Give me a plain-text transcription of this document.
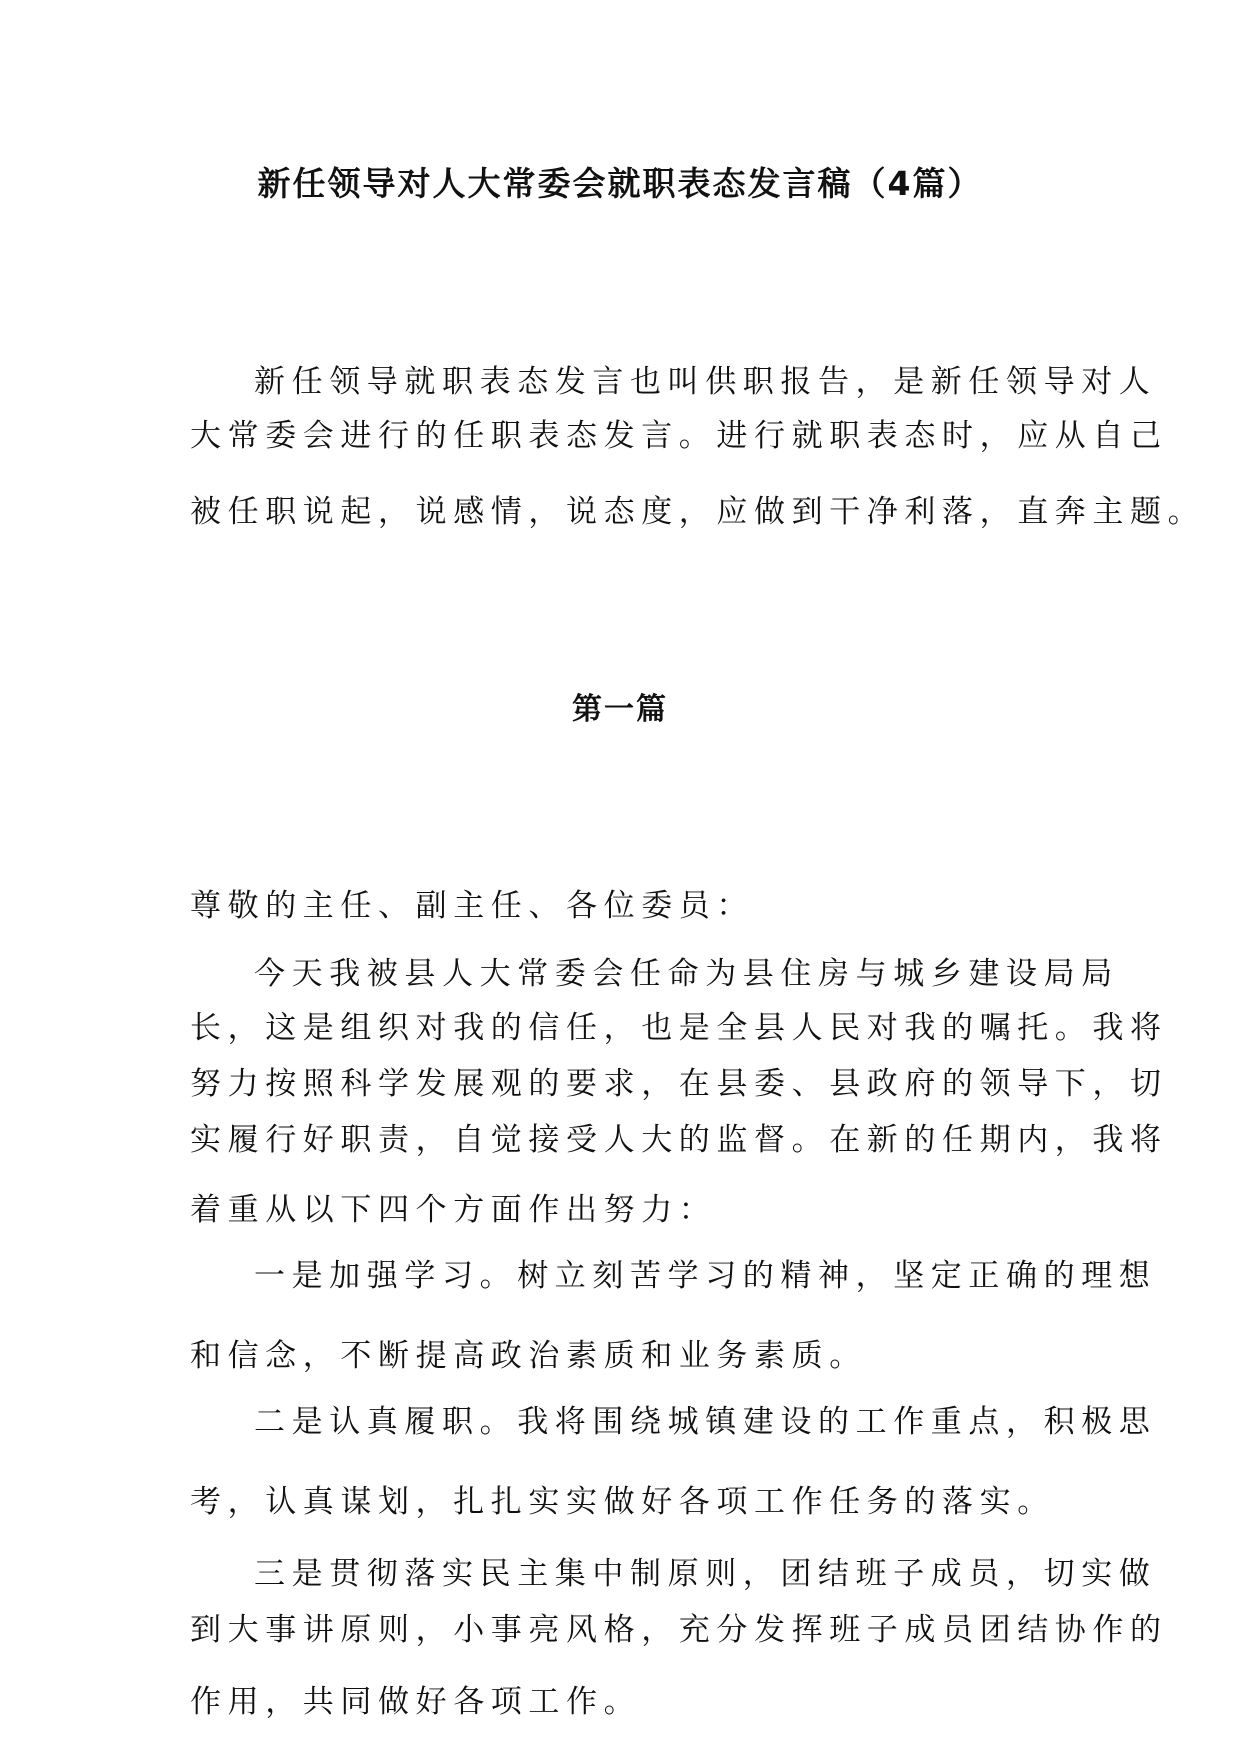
新任领导对人大常委会就职表态发言稿（4篇）

新任领导就职表态发言也叫供职报告，是新任领导对人

大常委会进行的任职表态发言。进行就职表态时，应从自己

被任职说起，说感情，说态度，应做到干净利落，直奔主题。

第一篇

尊敬的主任、副主任、各位委员：

今天我被县人大常委会任命为县住房与城乡建设局局

长，这是组织对我的信任，也是全县人民对我的嘱托。我将

努力按照科学发展观的要求，在县委、县政府的领导下，切

实履行好职责，自觉接受人大的监督。在新的任期内，我将

着重从以下四个方面作出努力：

一是加强学习。树立刻苦学习的精神，坚定正确的理想

和信念，不断提高政治素质和业务素质。

二是认真履职。我将围绕城镇建设的工作重点，积极思

考，认真谋划，扎扎实实做好各项工作任务的落实。

三是贯彻落实民主集中制原则，团结班子成员，切实做

到大事讲原则，小事亮风格，充分发挥班子成员团结协作的

作用，共同做好各项工作。
